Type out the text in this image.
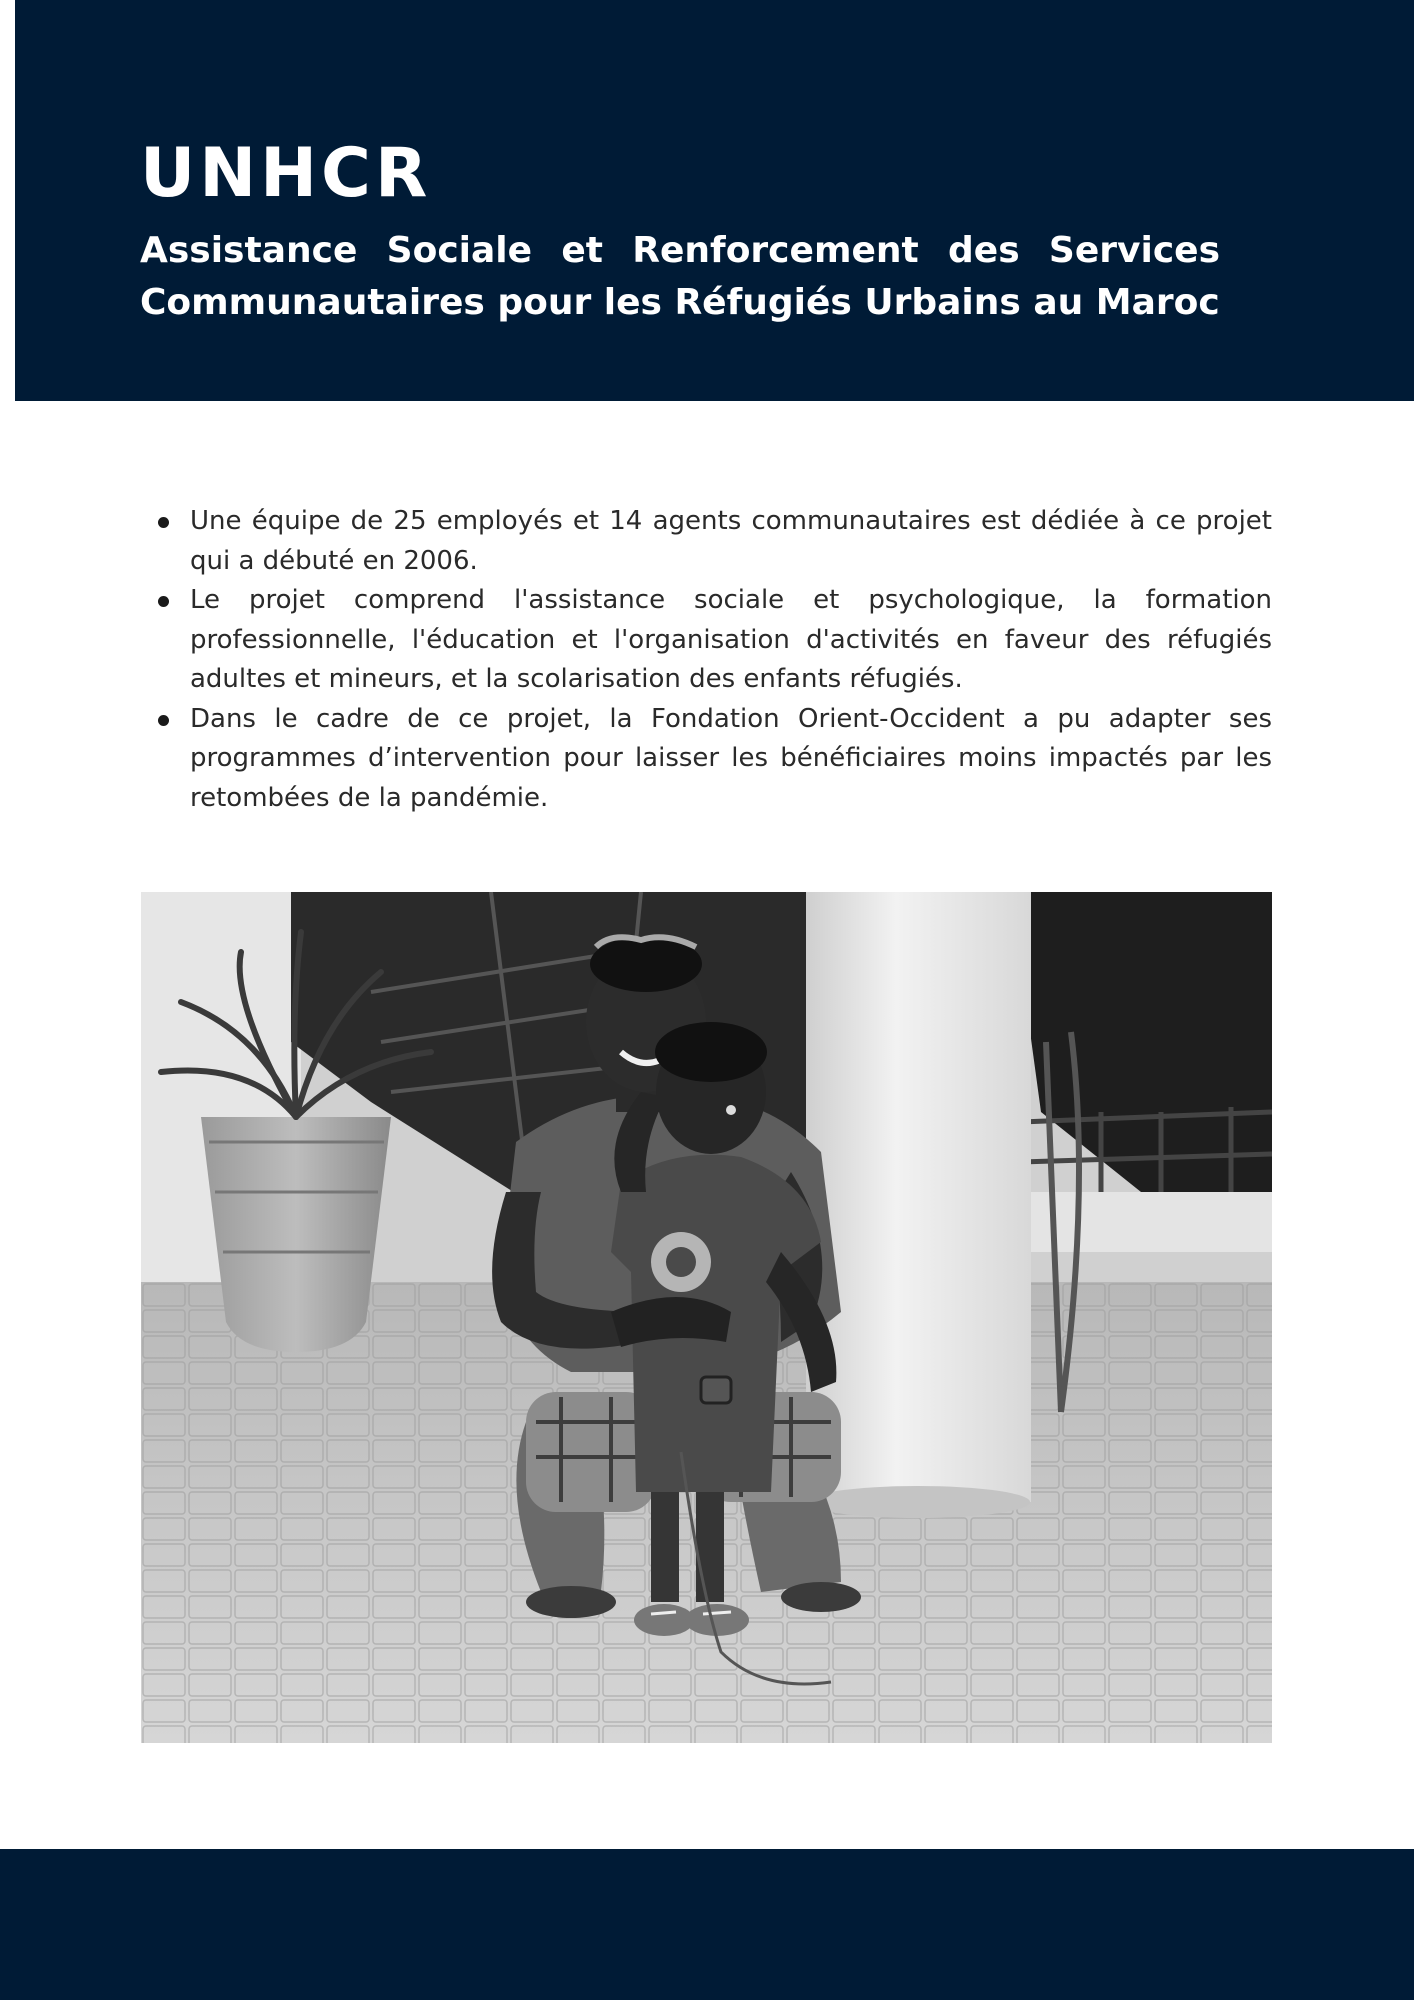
UNHCR
Assistance Sociale et Renforcement des Services
Communautaires pour les Réfugiés Urbains au Maroc
Une équipe de 25 employés et 14 agents communautaires est dédiée à ce projet qui a débuté en 2006.
Le projet comprend l'assistance sociale et psychologique, la formation professionnelle, l'éducation et l'organisation d'activités en faveur des réfugiés adultes et mineurs, et la scolarisation des enfants réfugiés.
Dans le cadre de ce projet, la Fondation Orient-Occident a pu adapter ses programmes d’intervention pour laisser les bénéficiaires moins impactés par les retombées de la pandémie.
